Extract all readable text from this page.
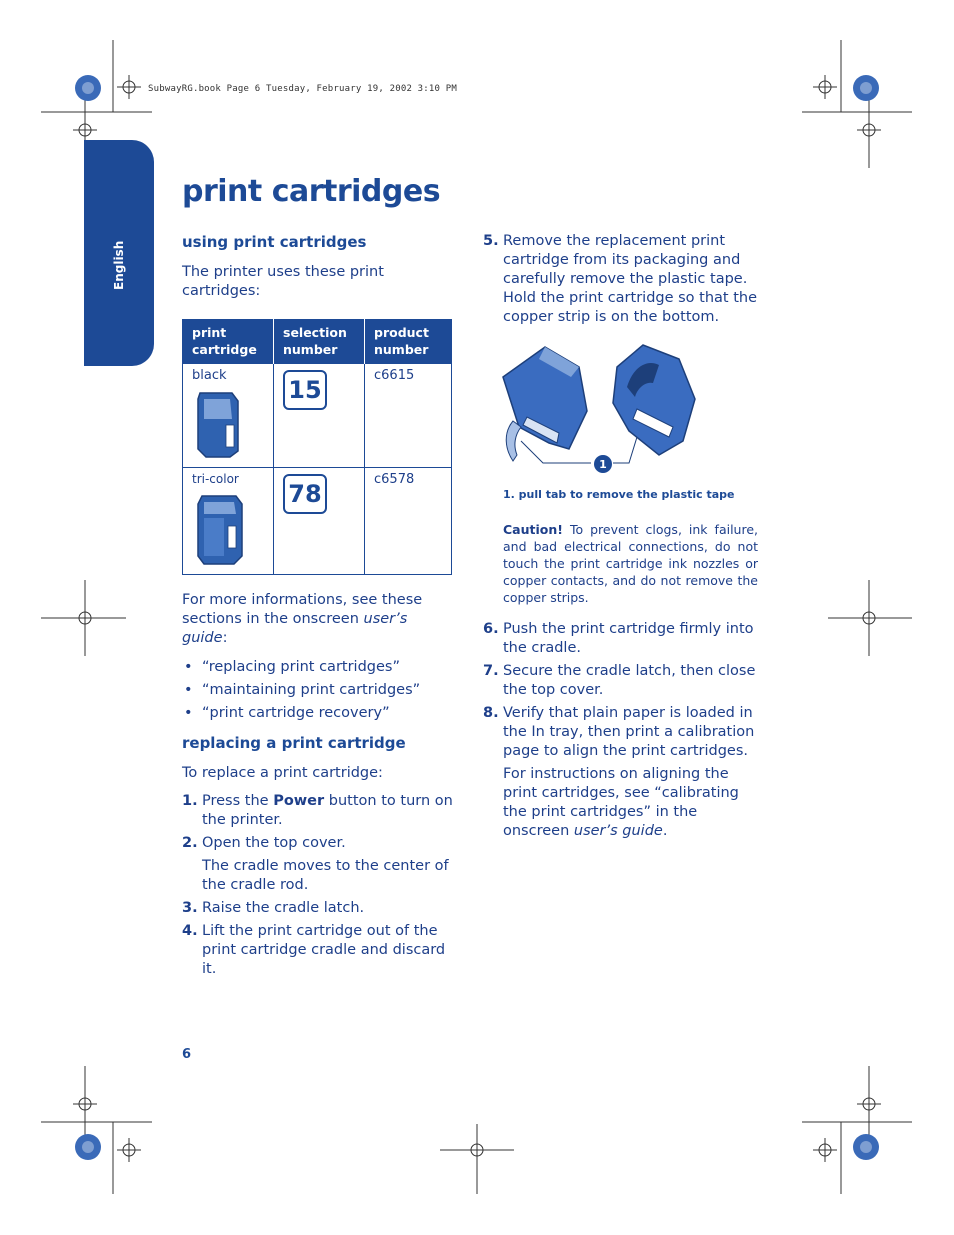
SubwayRG.book Page 6 Tuesday, February 19, 2002 3:10 PM
English
print cartridges
using print cartridges
The printer uses these print cartridges:
print cartridge	selection number	product number

black	15	c6615

tri-color	78	c6578
For more informations, see these sections in the onscreen user’s guide:
• “replacing print cartridges”
• “maintaining print cartridges”
• “print cartridge recovery”
replacing a print cartridge
To replace a print cartridge:
1. Press the Power button to turn on the printer.
2. Open the top cover.
The cradle moves to the center of the cradle rod.
3. Raise the cradle latch.
4. Lift the print cartridge out of the print cartridge cradle and discard it.
5. Remove the replacement print cartridge from its packaging and carefully remove the plastic tape. Hold the print cartridge so that the copper strip is on the bottom.
1
1. pull tab to remove the plastic tape
Caution! To prevent clogs, ink failure, and bad electrical connections, do not touch the print cartridge ink nozzles or copper contacts, and do not remove the copper strips.
6. Push the print cartridge firmly into the cradle.
7. Secure the cradle latch, then close the top cover.
8. Verify that plain paper is loaded in the In tray, then print a calibration page to align the print cartridges.
For instructions on aligning the print cartridges, see “calibrating the print cartridges” in the onscreen user’s guide.
6
